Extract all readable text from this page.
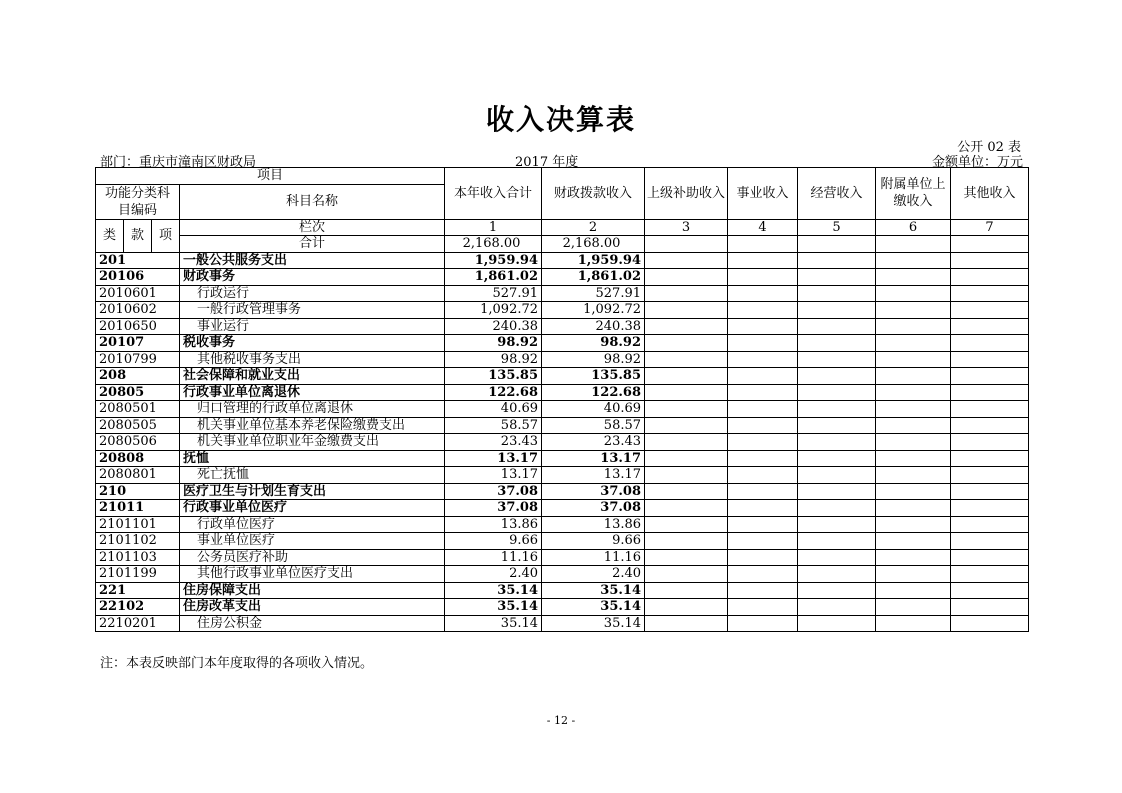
收入决算表
公开 02 表
部门：重庆市潼南区财政局	2017 年度	金额单位：万元
项目				本年收入合计	财政拨款收入	上级补助收入	事业收入	经营收入	附属单位上缴收入	其他收入
功能分类科目编码			科目名称							
类	款	项	栏次	1	2	3	4	5	6	7
			合计	2,168.00	2,168.00					
201			一般公共服务支出	1,959.94	1,959.94					
20106			财政事务	1,861.02	1,861.02					
2010601			行政运行	527.91	527.91					
2010602			一般行政管理事务	1,092.72	1,092.72					
2010650			事业运行	240.38	240.38					
20107			税收事务	98.92	98.92					
2010799			其他税收事务支出	98.92	98.92					
208			社会保障和就业支出	135.85	135.85					
20805			行政事业单位离退休	122.68	122.68					
2080501			归口管理的行政单位离退休	40.69	40.69					
2080505			机关事业单位基本养老保险缴费支出	58.57	58.57					
2080506			机关事业单位职业年金缴费支出	23.43	23.43					
20808			抚恤	13.17	13.17					
2080801			死亡抚恤	13.17	13.17					
210			医疗卫生与计划生育支出	37.08	37.08					
21011			行政事业单位医疗	37.08	37.08					
2101101			行政单位医疗	13.86	13.86					
2101102			事业单位医疗	9.66	9.66					
2101103			公务员医疗补助	11.16	11.16					
2101199			其他行政事业单位医疗支出	2.40	2.40					
221			住房保障支出	35.14	35.14					
22102			住房改革支出	35.14	35.14					
2210201			住房公积金	35.14	35.14					
注：本表反映部门本年度取得的各项收入情况。
- 12 -
